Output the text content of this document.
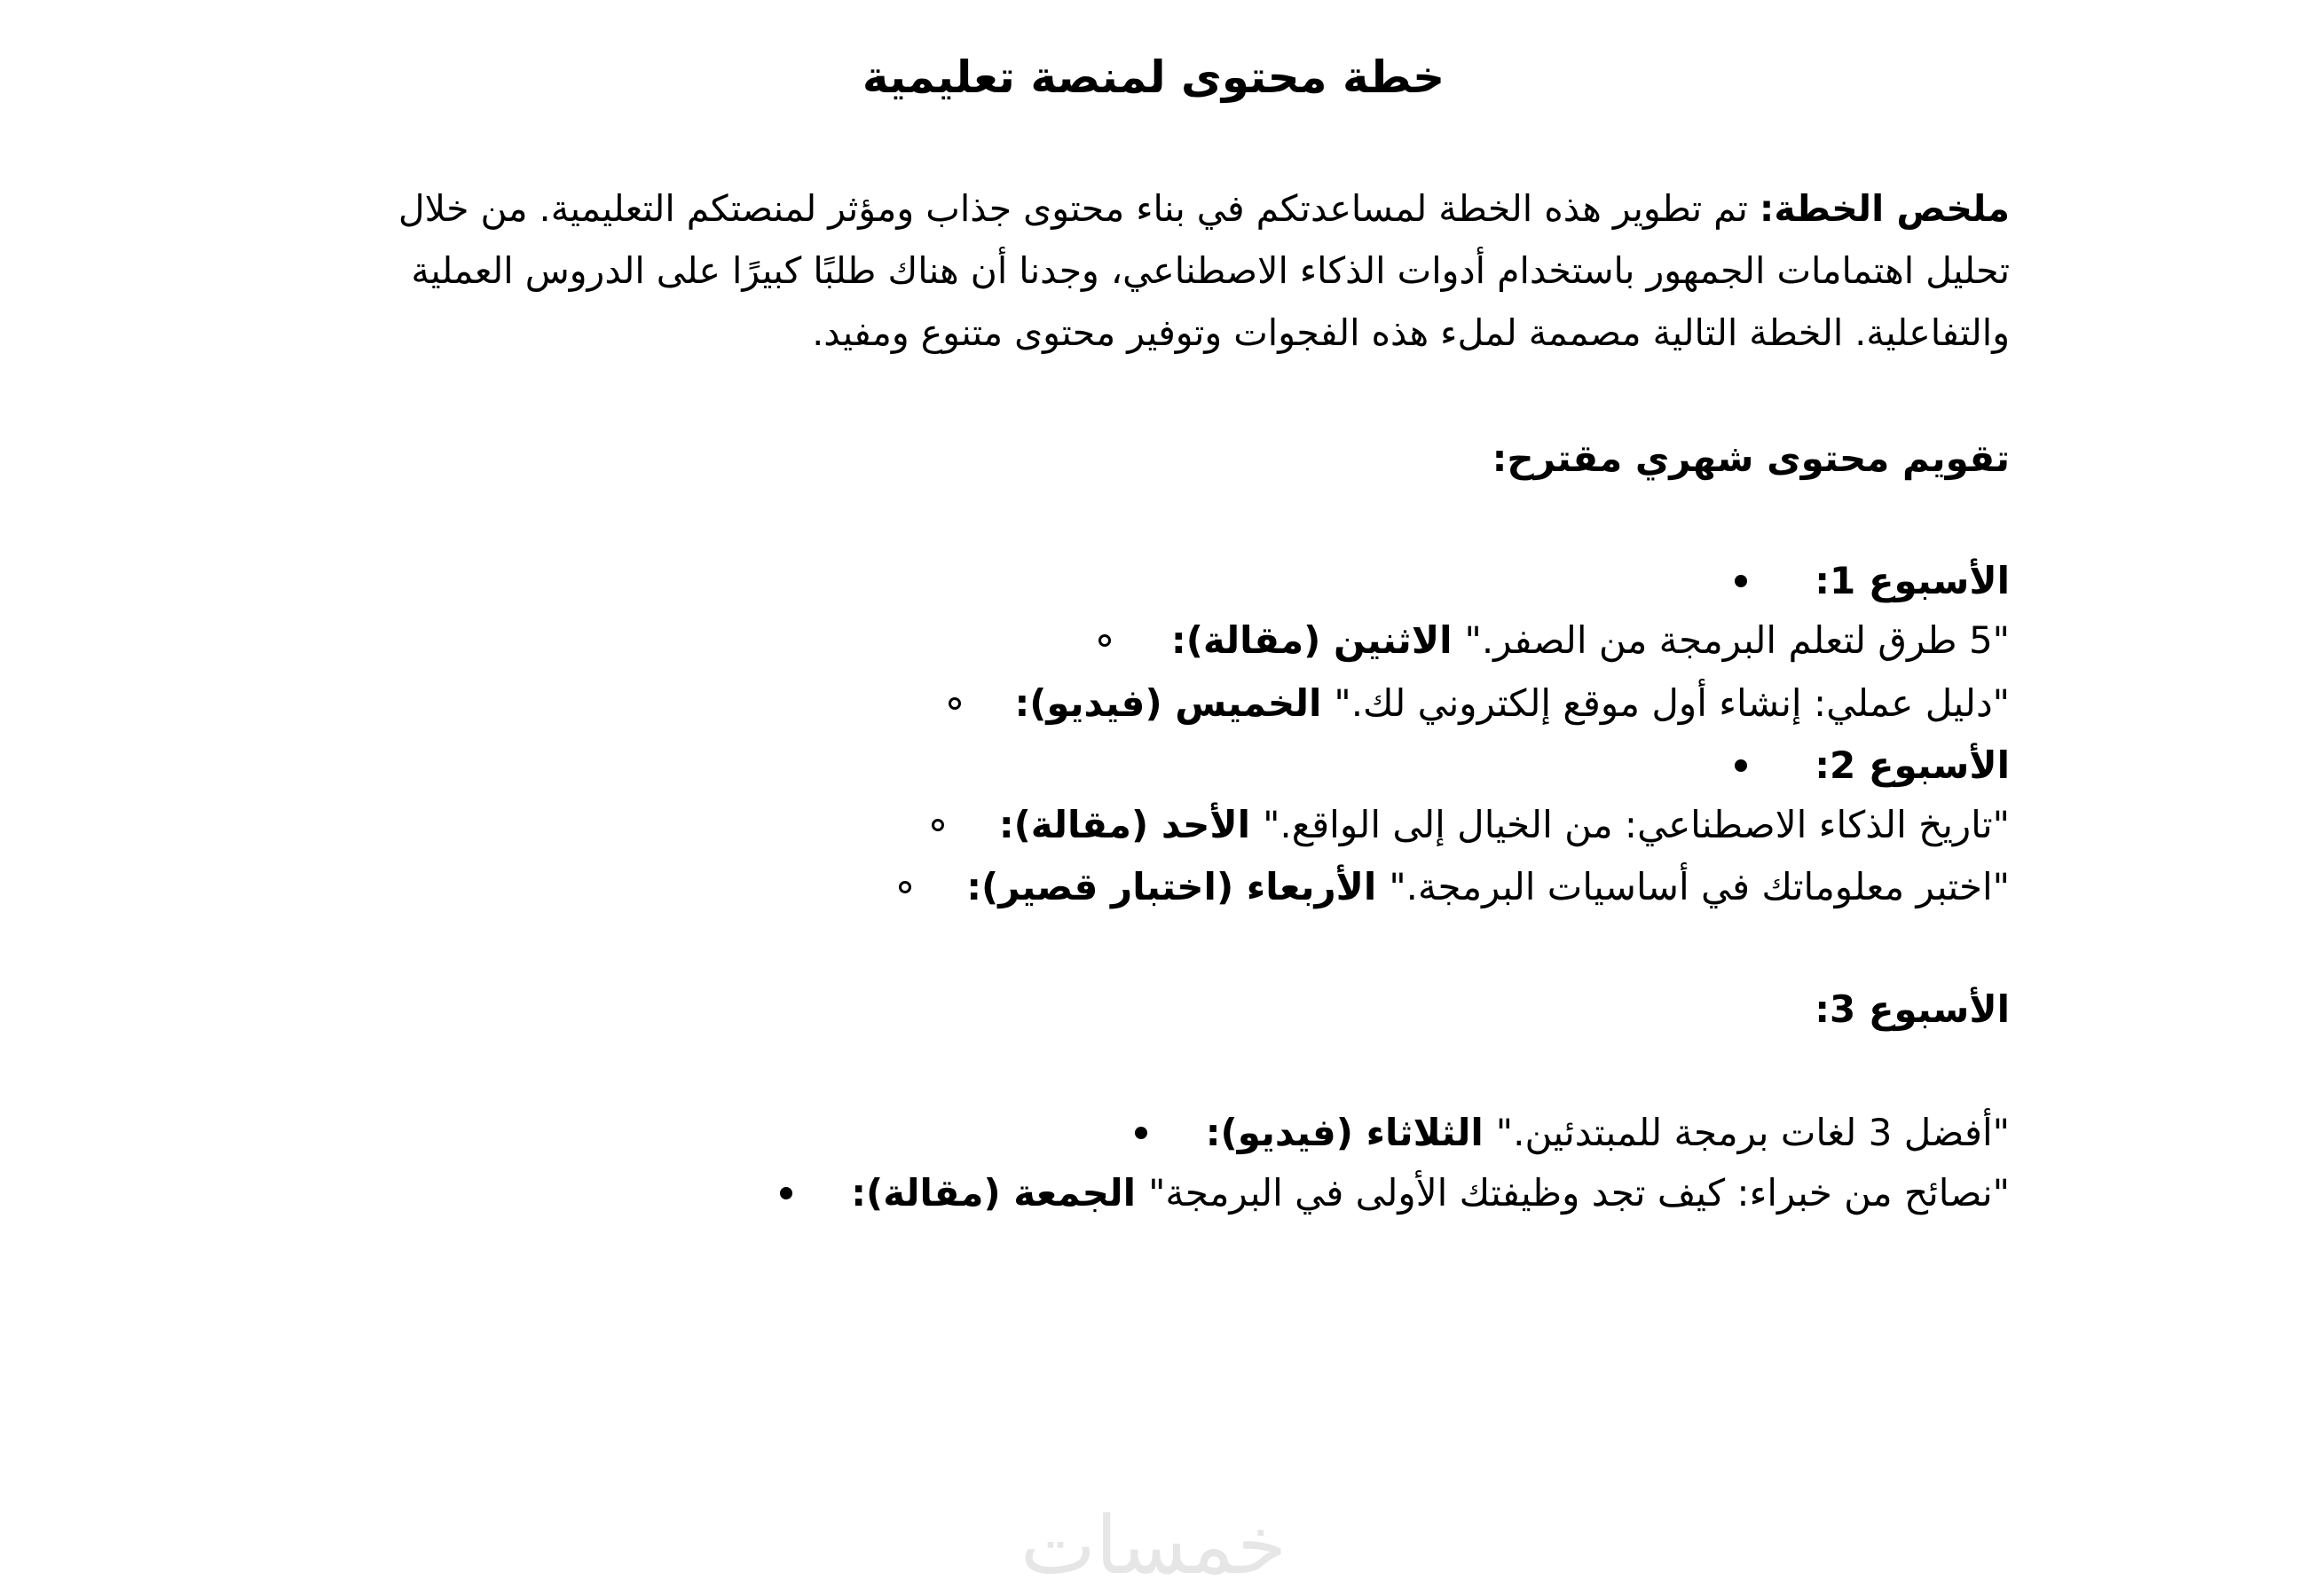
خطة محتوى لمنصة تعليمية
ملخص الخطة: تم تطوير هذه الخطة لمساعدتكم في بناء محتوى جذاب ومؤثر لمنصتكم التعليمية. من خلال
تحليل اهتمامات الجمهور باستخدام أدوات الذكاء الاصطناعي، وجدنا أن هناك طلبًا كبيرًا على الدروس العملية
والتفاعلية. الخطة التالية مصممة لملء هذه الفجوات وتوفير محتوى متنوع ومفيد.
تقويم محتوى شهري مقترح:
الأسبوع 1:
"5 طرق لتعلم البرمجة من الصفر."
الاثنين (مقالة):
"دليل عملي: إنشاء أول موقع إلكتروني لك."
الخميس (فيديو):
الأسبوع 2:
"تاريخ الذكاء الاصطناعي: من الخيال إلى الواقع."
الأحد (مقالة):
"اختبر معلوماتك في أساسيات البرمجة."
الأربعاء (اختبار قصير):
الأسبوع 3:
"أفضل 3 لغات برمجة للمبتدئين."
الثلاثاء (فيديو):
"نصائح من خبراء: كيف تجد وظيفتك الأولى في البرمجة"
الجمعة (مقالة):
خمسات
